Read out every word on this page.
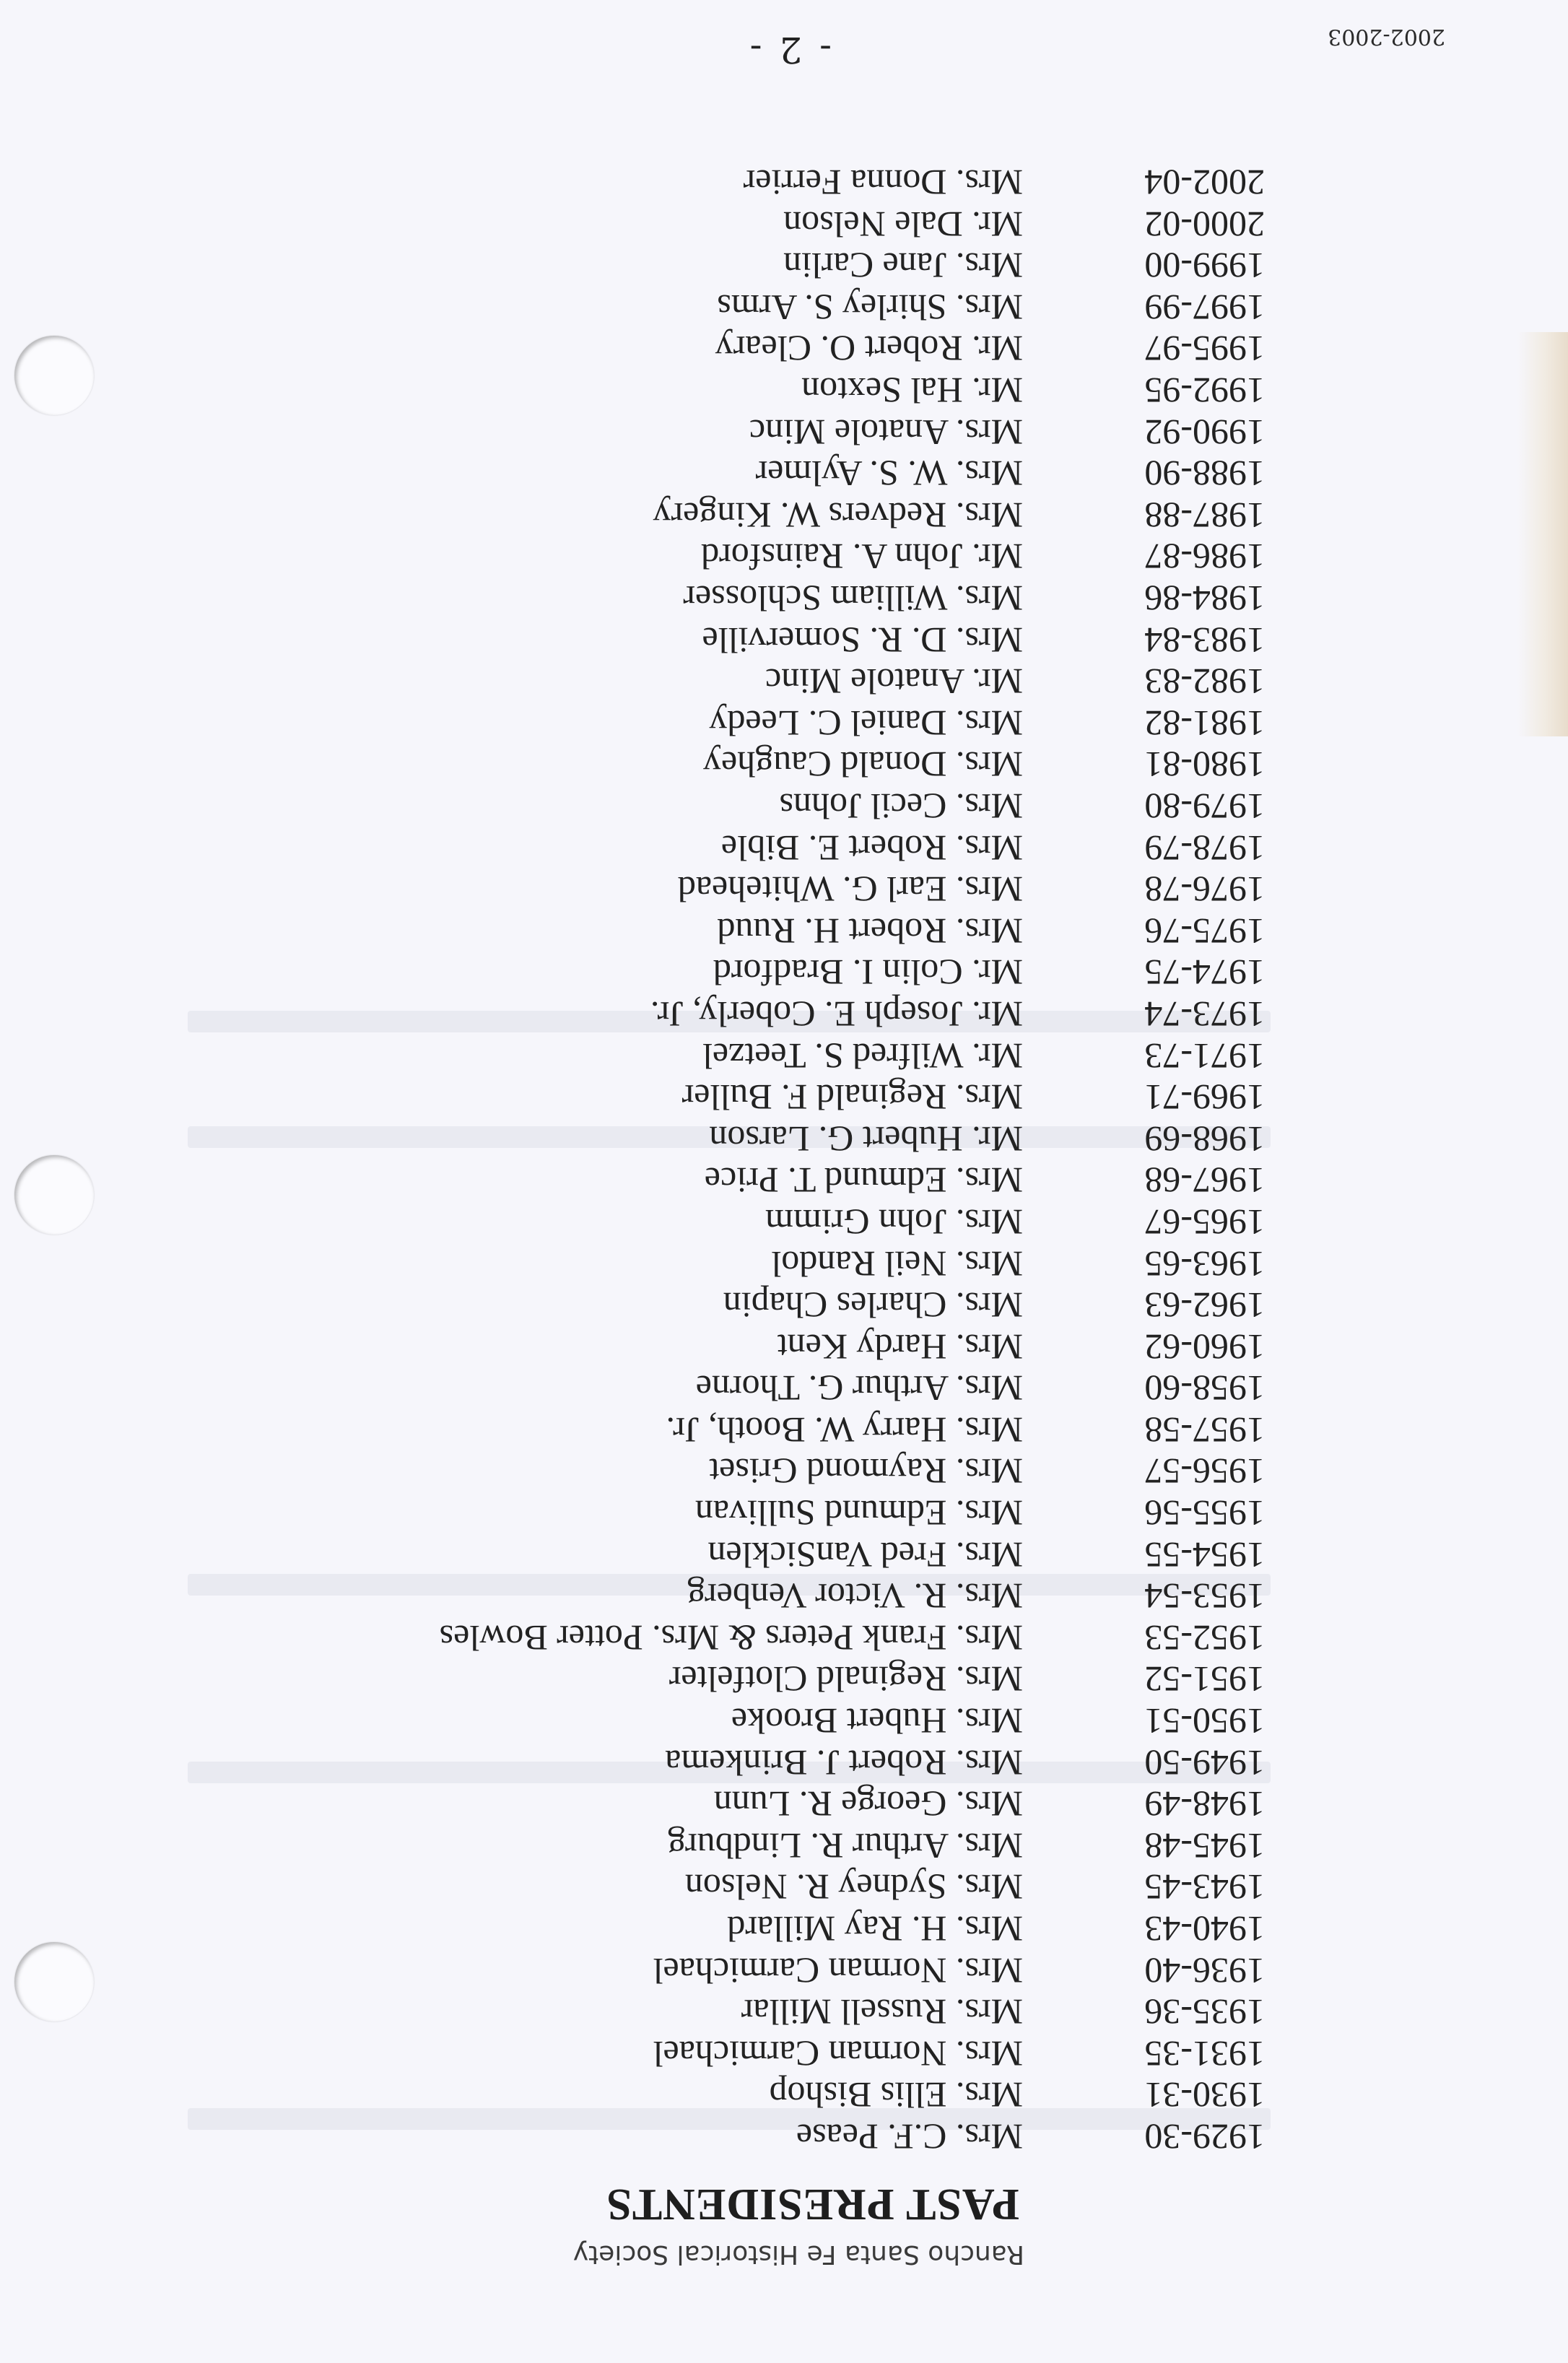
2002-2003
- 2 -
PAST PRESIDENTS
Rancho Santa Fe Historical Society
1929-30
Mrs. C.F. Pease
1930-31
Mrs. Ellis Bishop
1931-35
Mrs. Norman Carmichael
1935-36
Mrs. Russell Millar
1936-40
Mrs. Norman Carmichael
1940-43
Mrs. H. Ray Millard
1943-45
Mrs. Sydney R. Nelson
1945-48
Mrs. Arthur R. Lindburg
1948-49
Mrs. George R. Lunn
1949-50
Mrs. Robert J. Brinkema
1950-51
Mrs. Hubert Brooke
1951-52
Mrs. Reginald Clotfelter
1952-53
Mrs. Frank Peters & Mrs. Potter Bowles
1953-54
Mrs. R. Victor Venberg
1954-55
Mrs. Fred VanSicklen
1955-56
Mrs. Edmund Sullivan
1956-57
Mrs. Raymond Griset
1957-58
Mrs. Harry W. Booth, Jr.
1958-60
Mrs. Arthur G. Thorne
1960-62
Mrs. Hardy Kent
1962-63
Mrs. Charles Chapin
1963-65
Mrs. Neil Randol
1965-67
Mrs. John Grimm
1967-68
Mrs. Edmund T. Price
1968-69
Mr. Hubert G. Larson
1969-71
Mrs. Reginald F. Buller
1971-73
Mr. Wilfred S. Teetzel
1973-74
Mr. Joseph E. Coberly, Jr.
1974-75
Mr. Colin I. Bradford
1975-76
Mrs. Robert H. Ruud
1976-78
Mrs. Earl G. Whitehead
1978-79
Mrs. Robert E. Bible
1979-80
Mrs. Cecil Johns
1980-81
Mrs. Donald Caughey
1981-82
Mrs. Daniel C. Leedy
1982-83
Mr. Anatole Minc
1983-84
Mrs. D. R. Somerville
1984-86
Mrs. William Schlosser
1986-87
Mr. John A. Rainsford
1987-88
Mrs. Redvers W. Kingery
1988-90
Mrs. W. S. Aylmer
1990-92
Mrs. Anatole Minc
1992-95
Mr. Hal Sexton
1995-97
Mr. Robert O. Cleary
1997-99
Mrs. Shirley S. Arms
1999-00
Mrs. Jane Carlin
2000-02
Mr. Dale Nelson
2002-04
Mrs. Donna Ferrier
